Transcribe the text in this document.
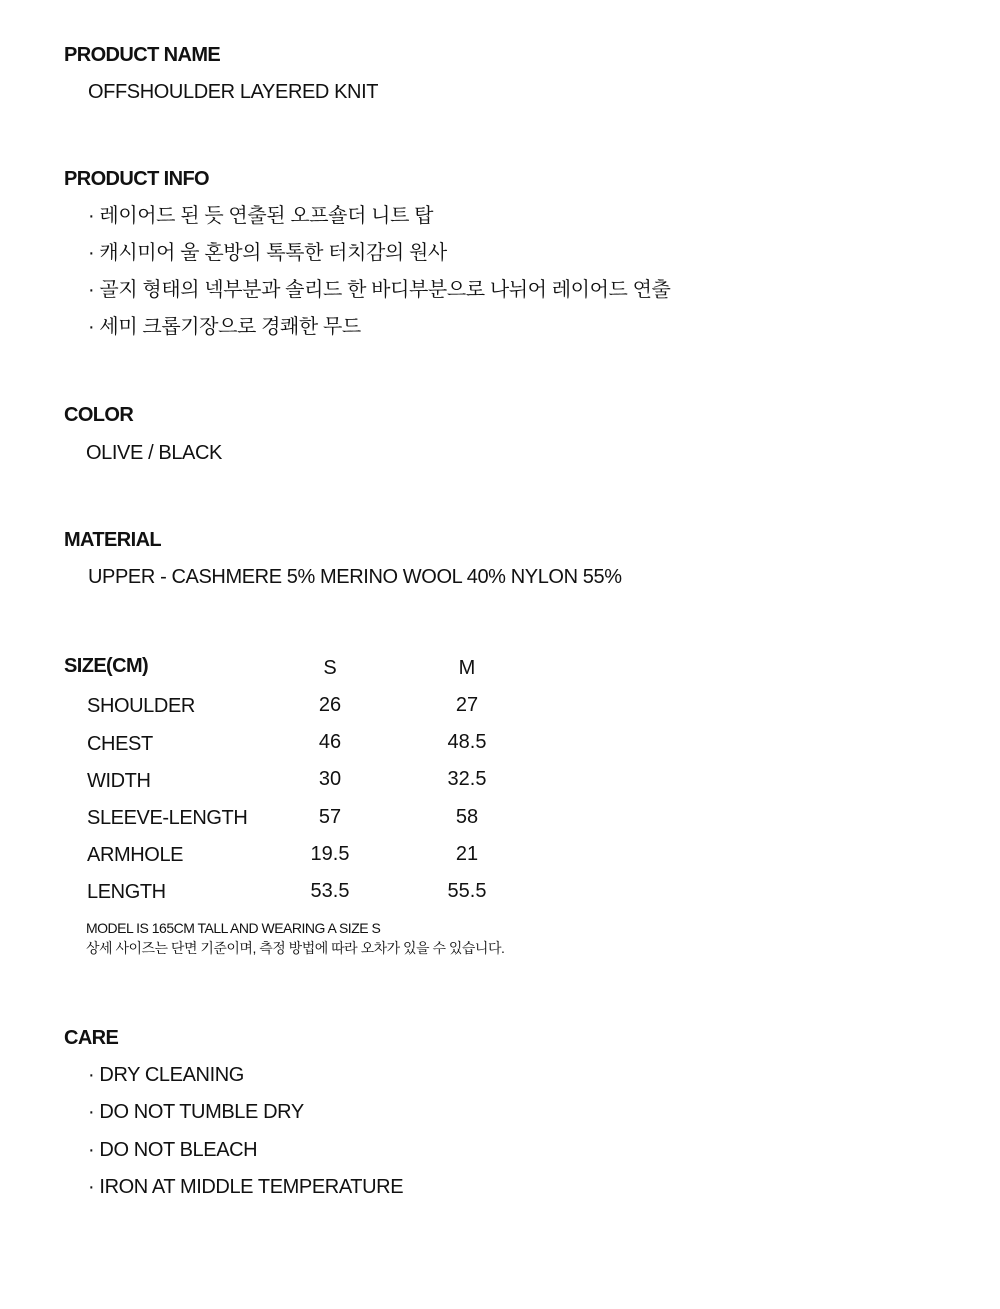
PRODUCT NAME
OFFSHOULDER LAYERED KNIT
PRODUCT INFO
· 레이어드 된 듯 연출된 오프숄더 니트 탑
· 캐시미어 울 혼방의 톡톡한 터치감의 원사
· 골지 형태의 넥부분과 솔리드 한 바디부분으로 나뉘어 레이어드 연출
· 세미 크롭기장으로 경쾌한 무드
COLOR
OLIVE / BLACK
MATERIAL
UPPER - CASHMERE 5% MERINO WOOL 40% NYLON 55%
SIZE(CM)	S	M
SHOULDER	26	27
CHEST	46	48.5
WIDTH	30	32.5
SLEEVE-LENGTH	57	58
ARMHOLE	19.5	21
LENGTH	53.5	55.5
MODEL IS 165CM TALL AND WEARING A SIZE S
상세 사이즈는 단면 기준이며, 측정 방법에 따라 오차가 있을 수 있습니다.
CARE
· DRY CLEANING
· DO NOT TUMBLE DRY
· DO NOT BLEACH
· IRON AT MIDDLE TEMPERATURE
